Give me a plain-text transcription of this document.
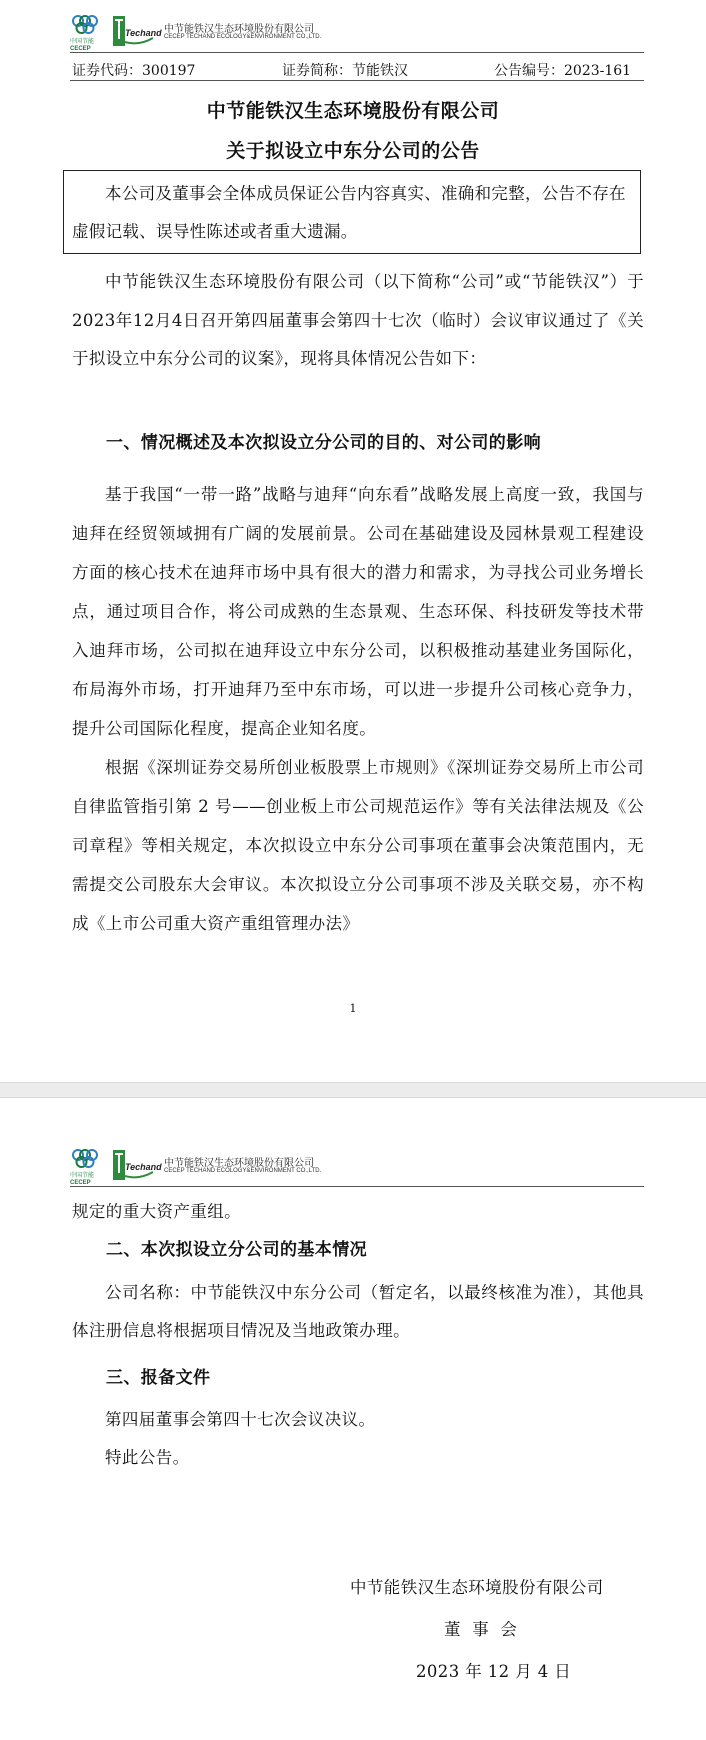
中国节能
CECEP
Techand 中节能铁汉生态环境股份有限公司
CECEP TECHAND ECOLOGY&ENVIRONMENT CO.,LTD.
证券代码：300197	证券简称：节能铁汉	公告编号：2023-161
中节能铁汉生态环境股份有限公司
关于拟设立中东分公司的公告

本公司及董事会全体成员保证公告内容真实、准确和完整，公告不存在虚假记载、误导性陈述或者重大遗漏。

中节能铁汉生态环境股份有限公司（以下简称“公司”或“节能铁汉”）于2023年12月4日召开第四届董事会第四十七次（临时）会议审议通过了《关于拟设立中东分公司的议案》，现将具体情况公告如下：

一、情况概述及本次拟设立分公司的目的、对公司的影响

基于我国“一带一路”战略与迪拜“向东看”战略发展上高度一致，我国与迪拜在经贸领域拥有广阔的发展前景。公司在基础建设及园林景观工程建设方面的核心技术在迪拜市场中具有很大的潜力和需求，为寻找公司业务增长点，通过项目合作，将公司成熟的生态景观、生态环保、科技研发等技术带入迪拜市场，公司拟在迪拜设立中东分公司，以积极推动基建业务国际化，布局海外市场，打开迪拜乃至中东市场，可以进一步提升公司核心竞争力，提升公司国际化程度，提高企业知名度。

根据《深圳证券交易所创业板股票上市规则》《深圳证券交易所上市公司自律监管指引第 2 号——创业板上市公司规范运作》等有关法律法规及《公司章程》等相关规定，本次拟设立中东分公司事项在董事会决策范围内，无需提交公司股东大会审议。本次拟设立分公司事项不涉及关联交易，亦不构成《上市公司重大资产重组管理办法》

1
中国节能
CECEP
Techand 中节能铁汉生态环境股份有限公司
CECEP TECHAND ECOLOGY&ENVIRONMENT CO.,LTD.

规定的重大资产重组。

二、本次拟设立分公司的基本情况

公司名称：中节能铁汉中东分公司（暂定名，以最终核准为准），其他具体注册信息将根据项目情况及当地政策办理。

三、报备文件

第四届董事会第四十七次会议决议。

特此公告。

中节能铁汉生态环境股份有限公司
董  事  会
2023 年 12 月 4 日
